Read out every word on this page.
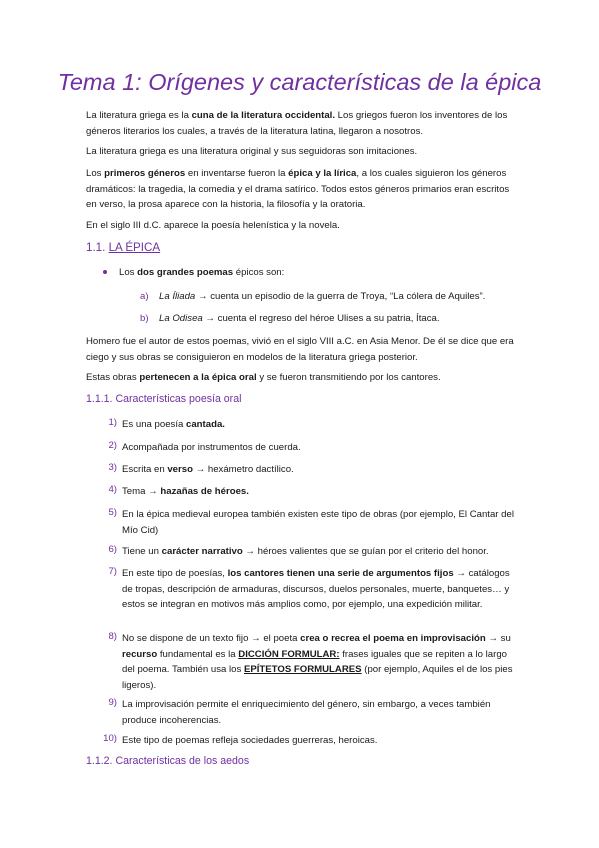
Tema 1: Orígenes y características de la épica

La literatura griega es la cuna de la literatura occidental. Los griegos fueron los inventores de los géneros literarios los cuales, a través de la literatura latina, llegaron a nosotros.

La literatura griega es una literatura original y sus seguidoras son imitaciones.

Los primeros géneros en inventarse fueron la épica y la lírica, a los cuales siguieron los géneros dramáticos: la tragedia, la comedia y el drama satírico. Todos estos géneros primarios eran escritos en verso, la prosa aparece con la historia, la filosofía y la oratoria.

En el siglo III d.C. aparece la poesía helenística y la novela.

1.1. LA ÉPICA
Los dos grandes poemas épicos son:
a) La Íliada → cuenta un episodio de la guerra de Troya, “La cólera de Aquiles”.
b) La Odisea → cuenta el regreso del héroe Ulises a su patria, Ítaca.

Homero fue el autor de estos poemas, vivió en el siglo VIII a.C. en Asia Menor. De él se dice que era ciego y sus obras se consiguieron en modelos de la literatura griega posterior.

Estas obras pertenecen a la épica oral y se fueron transmitiendo por los cantores.

1.1.1. Características poesía oral
1) Es una poesía cantada.
2) Acompañada por instrumentos de cuerda.
3) Escrita en verso → hexámetro dactílico.
4) Tema → hazañas de héroes.
5) En la épica medieval europea también existen este tipo de obras (por ejemplo, El Cantar del Mío Cid)
6) Tiene un carácter narrativo → héroes valientes que se guían por el criterio del honor.
7) En este tipo de poesías, los cantores tienen una serie de argumentos fijos → catálogos de tropas, descripción de armaduras, discursos, duelos personales, muerte, banquetes… y estos se integran en motivos más amplios como, por ejemplo, una expedición militar.
8) No se dispone de un texto fijo → el poeta crea o recrea el poema en improvisación → su recurso fundamental es la DICCIÓN FORMULAR: frases iguales que se repiten a lo largo del poema. También usa los EPÍTETOS FORMULARES (por ejemplo, Aquiles el de los pies ligeros).
9) La improvisación permite el enriquecimiento del género, sin embargo, a veces también produce incoherencias.
10) Este tipo de poemas refleja sociedades guerreras, heroicas.
1.1.2. Características de los aedos
